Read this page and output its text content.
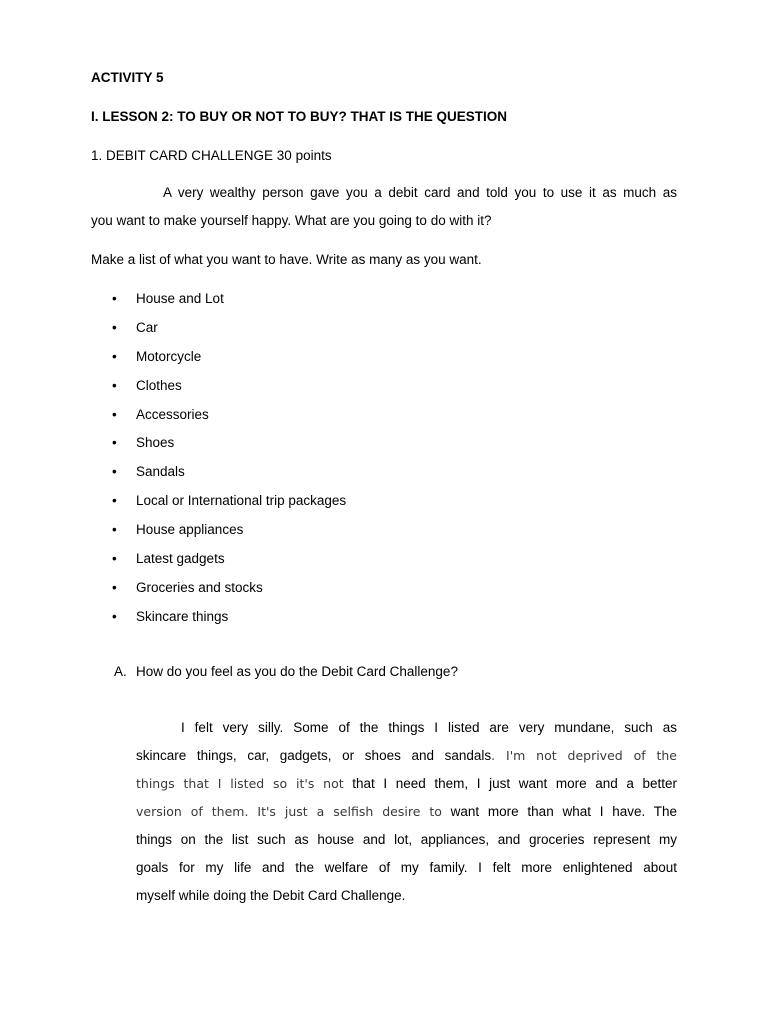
ACTIVITY 5
I. LESSON 2: TO BUY OR NOT TO BUY? THAT IS THE QUESTION
1. DEBIT CARD CHALLENGE 30 points
A very wealthy person gave you a debit card and told you to use it as much as
you want to make yourself happy. What are you going to do with it?
Make a list of what you want to have. Write as many as you want.
• House and Lot
• Car
• Motorcycle
• Clothes
• Accessories
• Shoes
• Sandals
• Local or International trip packages
• House appliances
• Latest gadgets
• Groceries and stocks
• Skincare things
A. How do you feel as you do the Debit Card Challenge?
I felt very silly. Some of the things I listed are very mundane, such as
skincare things, car, gadgets, or shoes and sandals. I'm not deprived of the
things that I listed so it's not that I need them, I just want more and a better
version of them. It's just a selfish desire to want more than what I have. The
things on the list such as house and lot, appliances, and groceries represent my
goals for my life and the welfare of my family. I felt more enlightened about
myself while doing the Debit Card Challenge.
